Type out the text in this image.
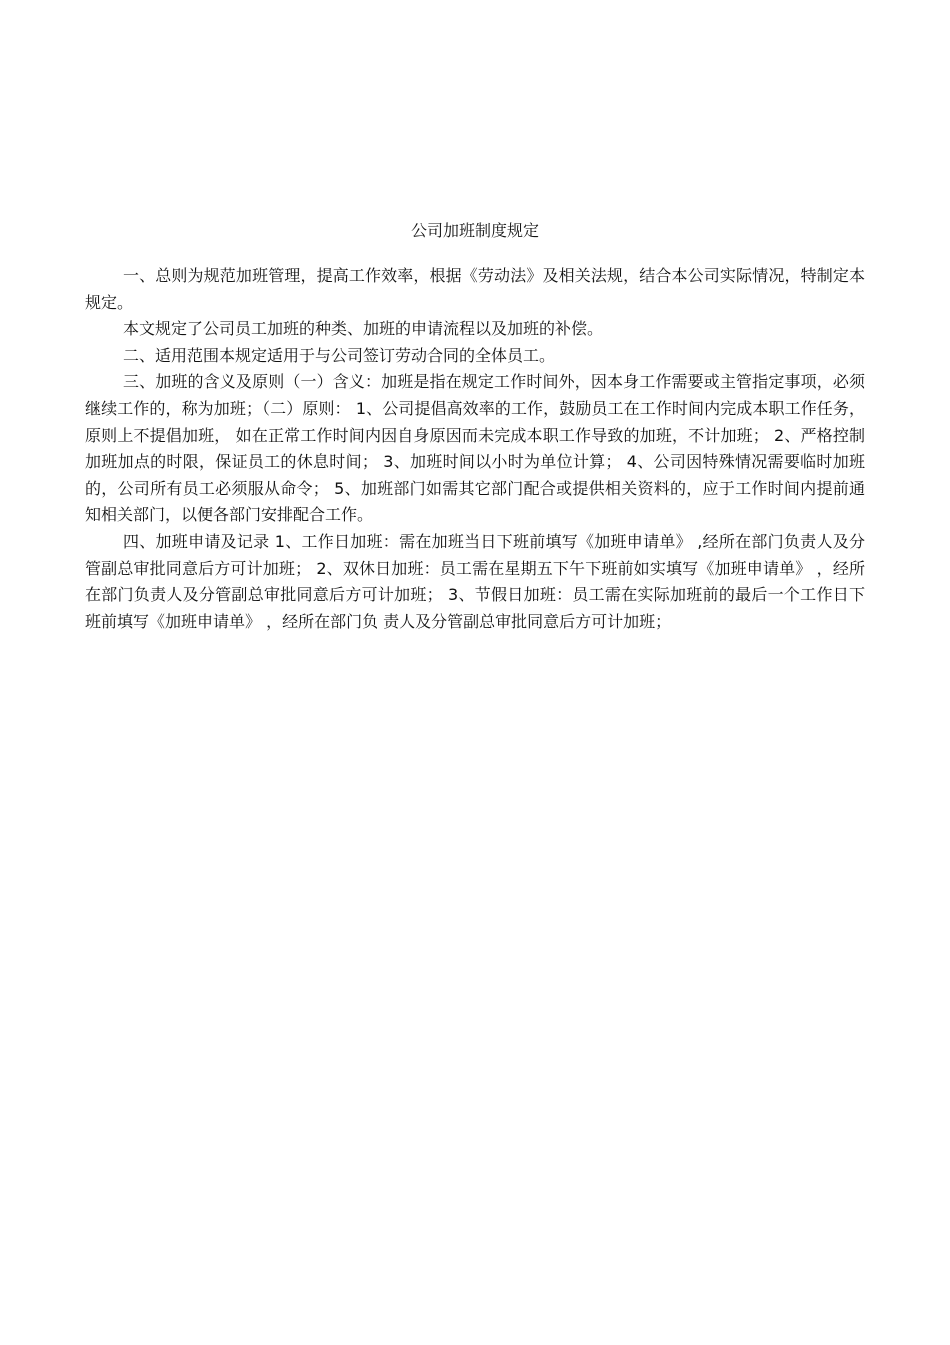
公司加班制度规定

一、总则为规范加班管理，提高工作效率，根据《劳动法》及相关法规，结合本公司实际情况，特制定本规定。

本文规定了公司员工加班的种类、加班的申请流程以及加班的补偿。

二、适用范围本规定适用于与公司签订劳动合同的全体员工。

三、加班的含义及原则（一）含义：加班是指在规定工作时间外，因本身工作需要或主管指定事项，必须继续工作的，称为加班；（二）原则： 1、公司提倡高效率的工作，鼓励员工在工作时间内完成本职工作任务， 原则上不提倡加班， 如在正常工作时间内因自身原因而未完成本职工作导致的加班，不计加班； 2、严格控制加班加点的时限，保证员工的休息时间； 3、加班时间以小时为单位计算； 4、公司因特殊情况需要临时加班的，公司所有员工必须服从命令； 5、加班部门如需其它部门配合或提供相关资料的，应于工作时间内提前通知相关部门，以便各部门安排配合工作。

四、加班申请及记录 1、工作日加班：需在加班当日下班前填写《加班申请单》 ,经所在部门负责人及分管副总审批同意后方可计加班； 2、双休日加班：员工需在星期五下午下班前如实填写《加班申请单》 ，经所在部门负责人及分管副总审批同意后方可计加班； 3、节假日加班：员工需在实际加班前的最后一个工作日下班前填写《加班申请单》 ，经所在部门负 责人及分管副总审批同意后方可计加班；
